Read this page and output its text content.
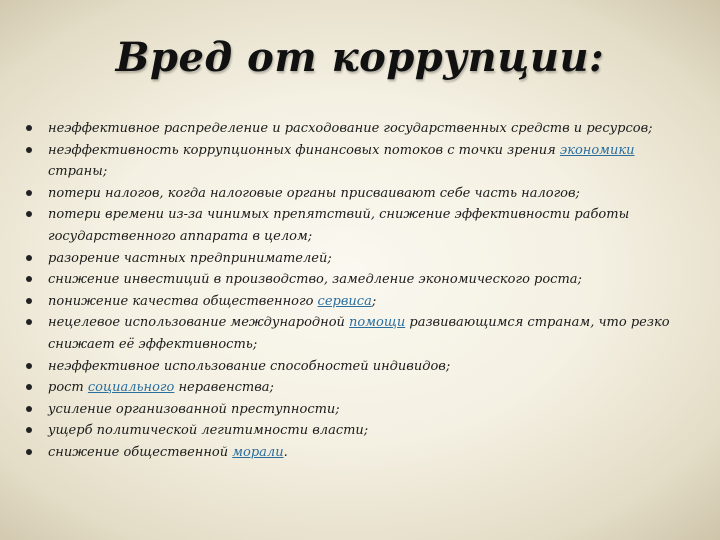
Вред от коррупции:
неэффективное распределение и расходование государственных средств и ресурсов;
неэффективность коррупционных финансовых потоков с точки зрения экономики страны;
потери налогов, когда налоговые органы присваивают себе часть налогов;
потери времени из-за чинимых препятствий, снижение эффективности работы государственного аппарата в целом;
разорение частных предпринимателей;
снижение инвестиций в производство, замедление экономического роста;
понижение качества общественного сервиса;
нецелевое использование международной помощи развивающимся странам, что резко снижает её эффективность;
неэффективное использование способностей индивидов;
рост социального неравенства;
усиление организованной преступности;
ущерб политической легитимности власти;
снижение общественной морали.
